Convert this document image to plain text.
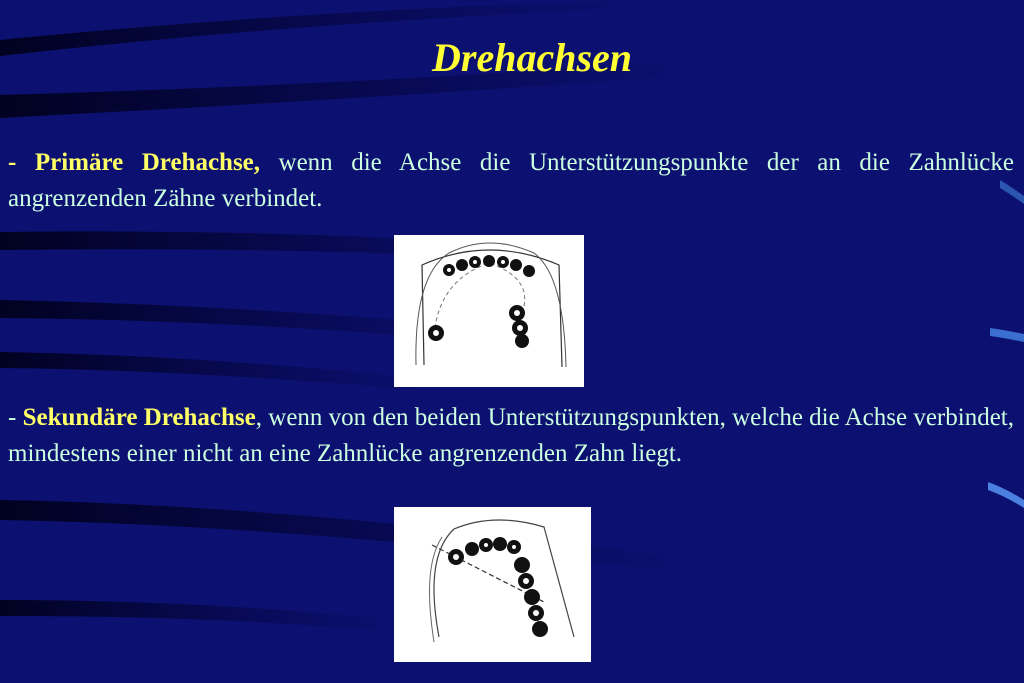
Drehachsen
- Primäre Drehachse, wenn die Achse die Unterstützungspunkte der an die Zahnlücke angrenzenden Zähne verbindet.
- Sekundäre Drehachse, wenn von den beiden Unterstützungspunkten, welche die Achse verbindet, mindestens einer nicht an eine Zahnlücke angrenzenden Zahn liegt.
